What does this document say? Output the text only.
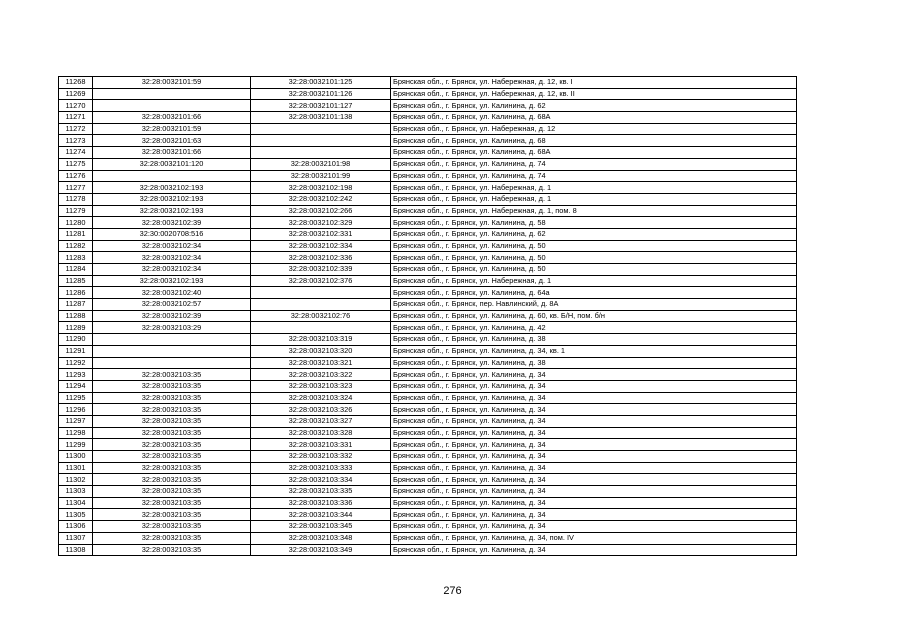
11268	32:28:0032101:59	32:28:0032101:125	Брянская обл., г. Брянск, ул. Набережная, д. 12, кв. I
11269		32:28:0032101:126	Брянская обл., г. Брянск, ул. Набережная, д. 12, кв. II
11270		32:28:0032101:127	Брянская обл., г. Брянск, ул. Калинина, д. 62
11271	32:28:0032101:66	32:28:0032101:138	Брянская обл., г. Брянск, ул. Калинина, д. 68А
11272	32:28:0032101:59		Брянская обл., г. Брянск, ул. Набережная, д. 12
11273	32:28:0032101:63		Брянская обл., г. Брянск, ул. Калинина, д. 68
11274	32:28:0032101:66		Брянская обл., г. Брянск, ул. Калинина, д. 68А
11275	32:28:0032101:120	32:28:0032101:98	Брянская обл., г. Брянск, ул. Калинина, д. 74
11276		32:28:0032101:99	Брянская обл., г. Брянск, ул. Калинина, д. 74
11277	32:28:0032102:193	32:28:0032102:198	Брянская обл., г. Брянск, ул. Набережная, д. 1
11278	32:28:0032102:193	32:28:0032102:242	Брянская обл., г. Брянск, ул. Набережная, д. 1
11279	32:28:0032102:193	32:28:0032102:266	Брянская обл., г. Брянск, ул. Набережная, д. 1, пом. 8
11280	32:28:0032102:39	32:28:0032102:329	Брянская обл., г. Брянск, ул. Калинина, д. 58
11281	32:30:0020708:516	32:28:0032102:331	Брянская обл., г. Брянск, ул. Калинина, д. 62
11282	32:28:0032102:34	32:28:0032102:334	Брянская обл., г. Брянск, ул. Калинина, д. 50
11283	32:28:0032102:34	32:28:0032102:336	Брянская обл., г. Брянск, ул. Калинина, д. 50
11284	32:28:0032102:34	32:28:0032102:339	Брянская обл., г. Брянск, ул. Калинина, д. 50
11285	32:28:0032102:193	32:28:0032102:376	Брянская обл., г. Брянск, ул. Набережная, д. 1
11286	32:28:0032102:40		Брянская обл., г. Брянск, ул. Калинина, д. 64а
11287	32:28:0032102:57		Брянская обл., г. Брянск, пер. Навлинский, д. 8А
11288	32:28:0032102:39	32:28:0032102:76	Брянская обл., г. Брянск, ул. Калинина, д. 60, кв. Б/Н, пом. б/н
11289	32:28:0032103:29		Брянская обл., г. Брянск, ул. Калинина, д. 42
11290		32:28:0032103:319	Брянская обл., г. Брянск, ул. Калинина, д. 38
11291		32:28:0032103:320	Брянская обл., г. Брянск, ул. Калинина, д. 34, кв. 1
11292		32:28:0032103:321	Брянская обл., г. Брянск, ул. Калинина, д. 38
11293	32:28:0032103:35	32:28:0032103:322	Брянская обл., г. Брянск, ул. Калинина, д. 34
11294	32:28:0032103:35	32:28:0032103:323	Брянская обл., г. Брянск, ул. Калинина, д. 34
11295	32:28:0032103:35	32:28:0032103:324	Брянская обл., г. Брянск, ул. Калинина, д. 34
11296	32:28:0032103:35	32:28:0032103:326	Брянская обл., г. Брянск, ул. Калинина, д. 34
11297	32:28:0032103:35	32:28:0032103:327	Брянская обл., г. Брянск, ул. Калинина, д. 34
11298	32:28:0032103:35	32:28:0032103:328	Брянская обл., г. Брянск, ул. Калинина, д. 34
11299	32:28:0032103:35	32:28:0032103:331	Брянская обл., г. Брянск, ул. Калинина, д. 34
11300	32:28:0032103:35	32:28:0032103:332	Брянская обл., г. Брянск, ул. Калинина, д. 34
11301	32:28:0032103:35	32:28:0032103:333	Брянская обл., г. Брянск, ул. Калинина, д. 34
11302	32:28:0032103:35	32:28:0032103:334	Брянская обл., г. Брянск, ул. Калинина, д. 34
11303	32:28:0032103:35	32:28:0032103:335	Брянская обл., г. Брянск, ул. Калинина, д. 34
11304	32:28:0032103:35	32:28:0032103:336	Брянская обл., г. Брянск, ул. Калинина, д. 34
11305	32:28:0032103:35	32:28:0032103:344	Брянская обл., г. Брянск, ул. Калинина, д. 34
11306	32:28:0032103:35	32:28:0032103:345	Брянская обл., г. Брянск, ул. Калинина, д. 34
11307	32:28:0032103:35	32:28:0032103:348	Брянская обл., г. Брянск, ул. Калинина, д. 34, пом. IV
11308	32:28:0032103:35	32:28:0032103:349	Брянская обл., г. Брянск, ул. Калинина, д. 34
276
